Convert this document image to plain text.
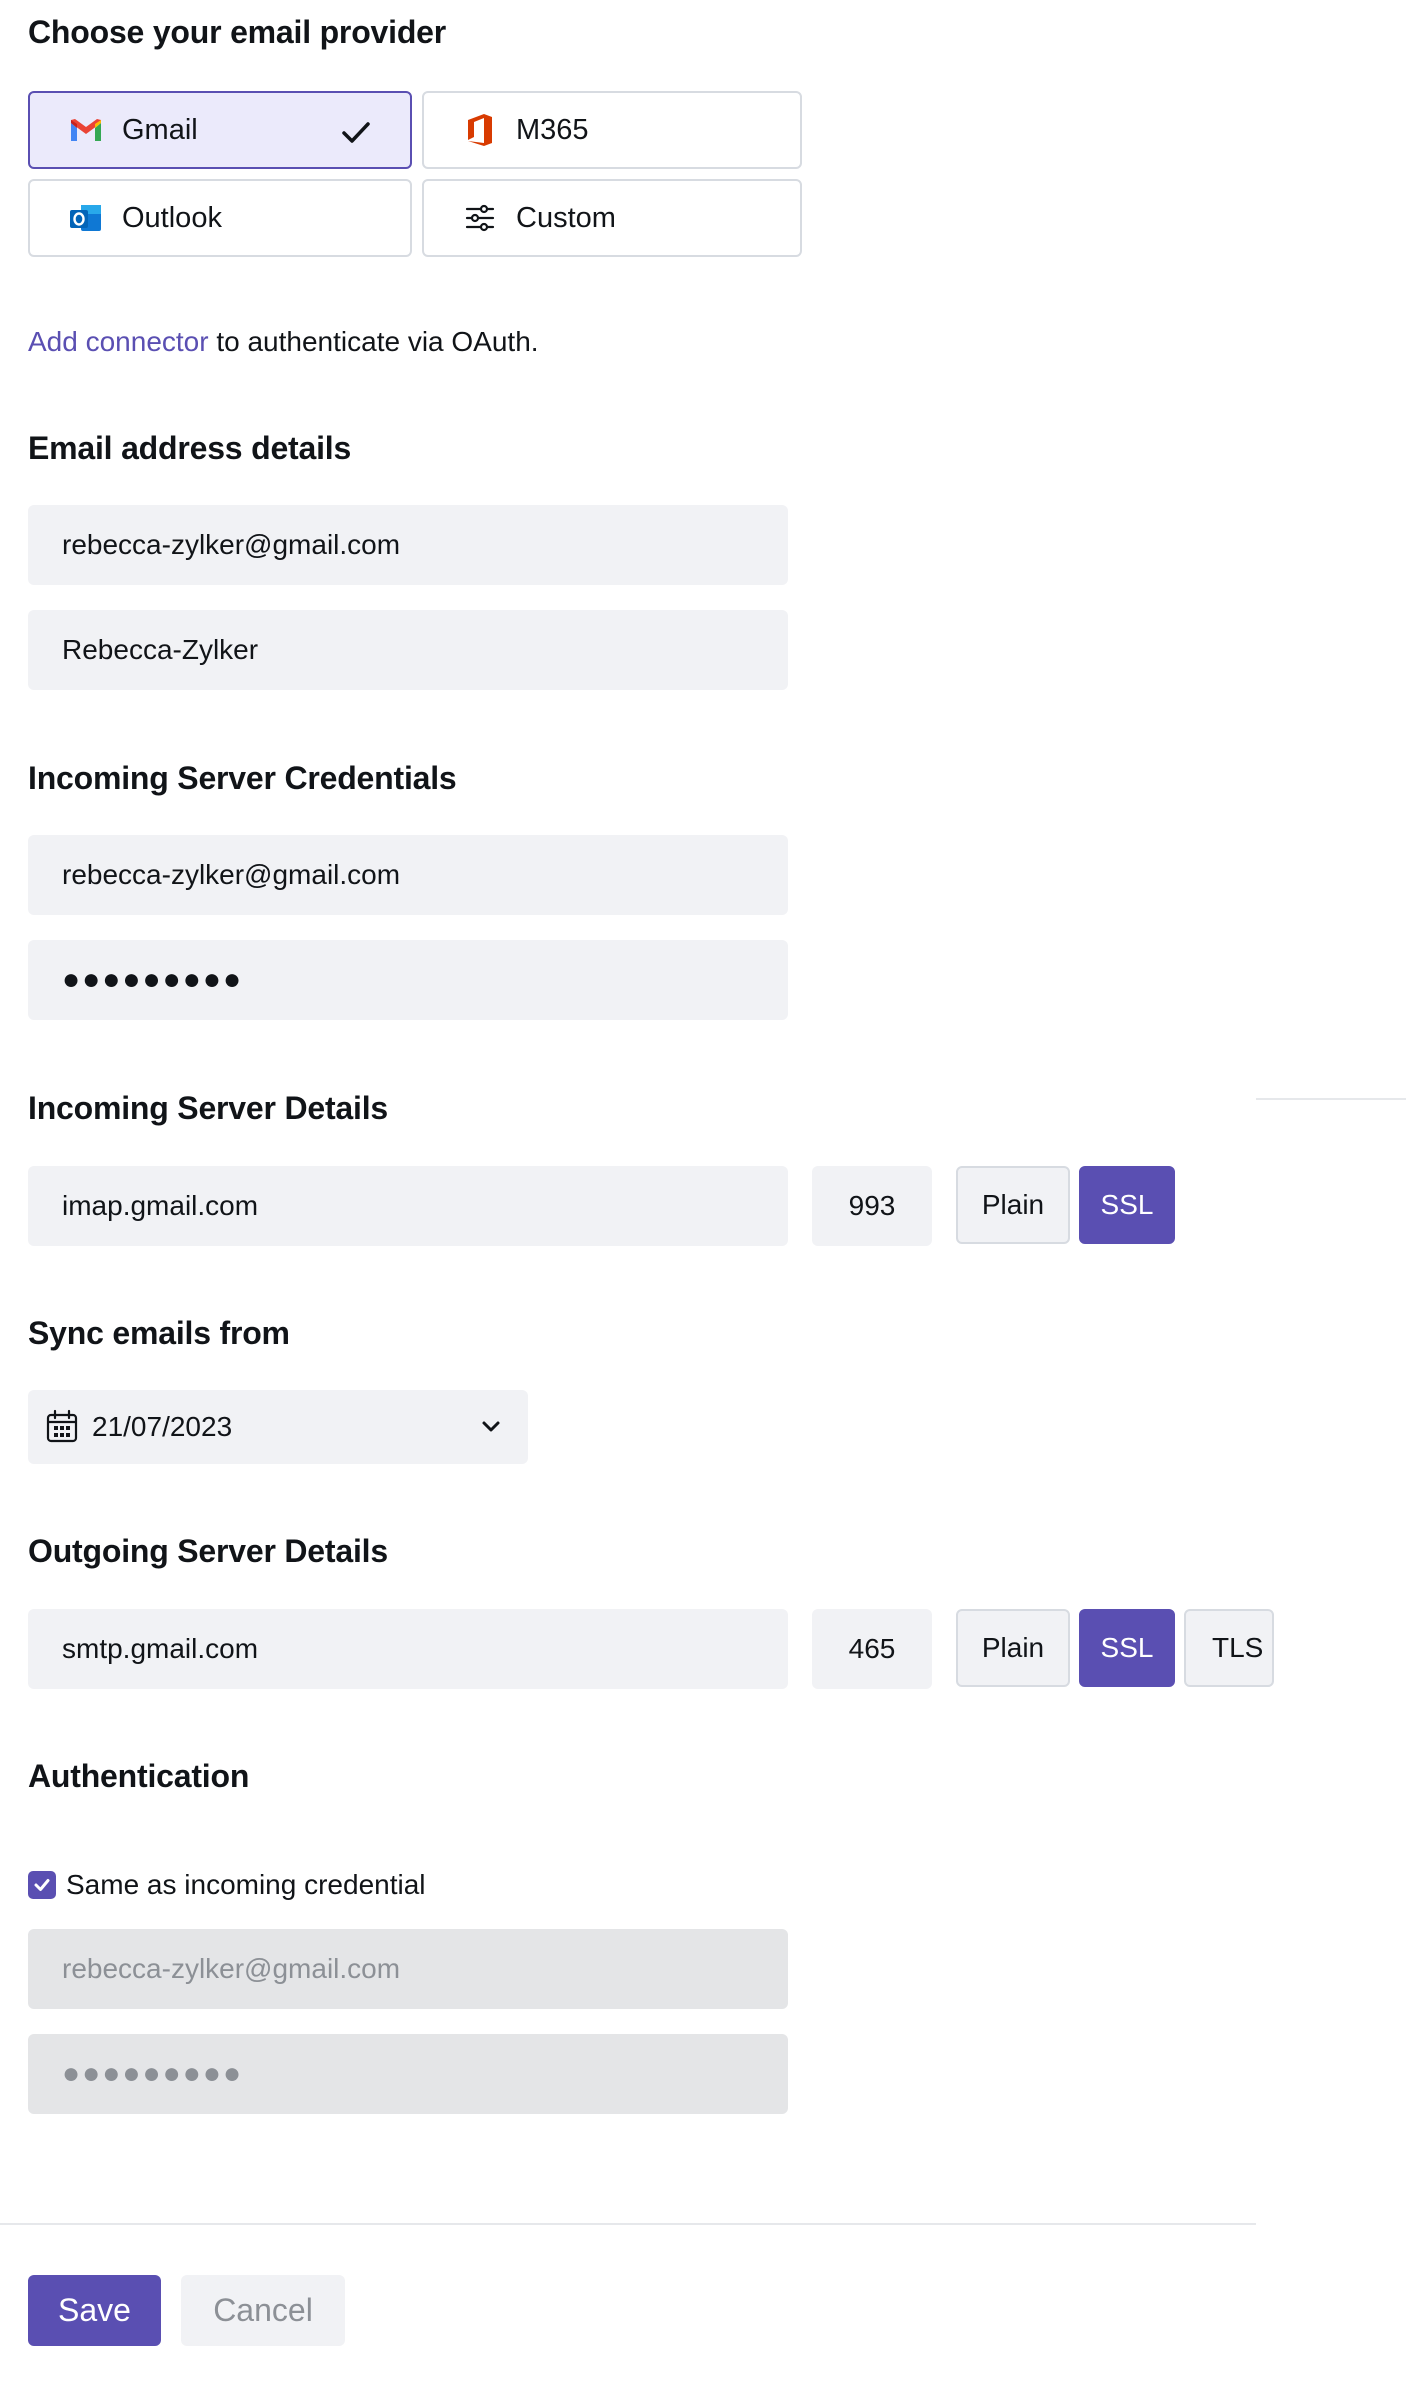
Choose your email provider
Gmail	M365
Outlook	Custom
Add connector to authenticate via OAuth.
Email address details
rebecca-zylker@gmail.com
Rebecca-Zylker
Incoming Server Credentials
rebecca-zylker@gmail.com
●●●●●●●●●
Incoming Server Details
imap.gmail.com	993	Plain	SSL
Sync emails from
21/07/2023
Outgoing Server Details
smtp.gmail.com	465	Plain	SSL	TLS
Authentication
Same as incoming credential
rebecca-zylker@gmail.com
●●●●●●●●●
Save	Cancel
